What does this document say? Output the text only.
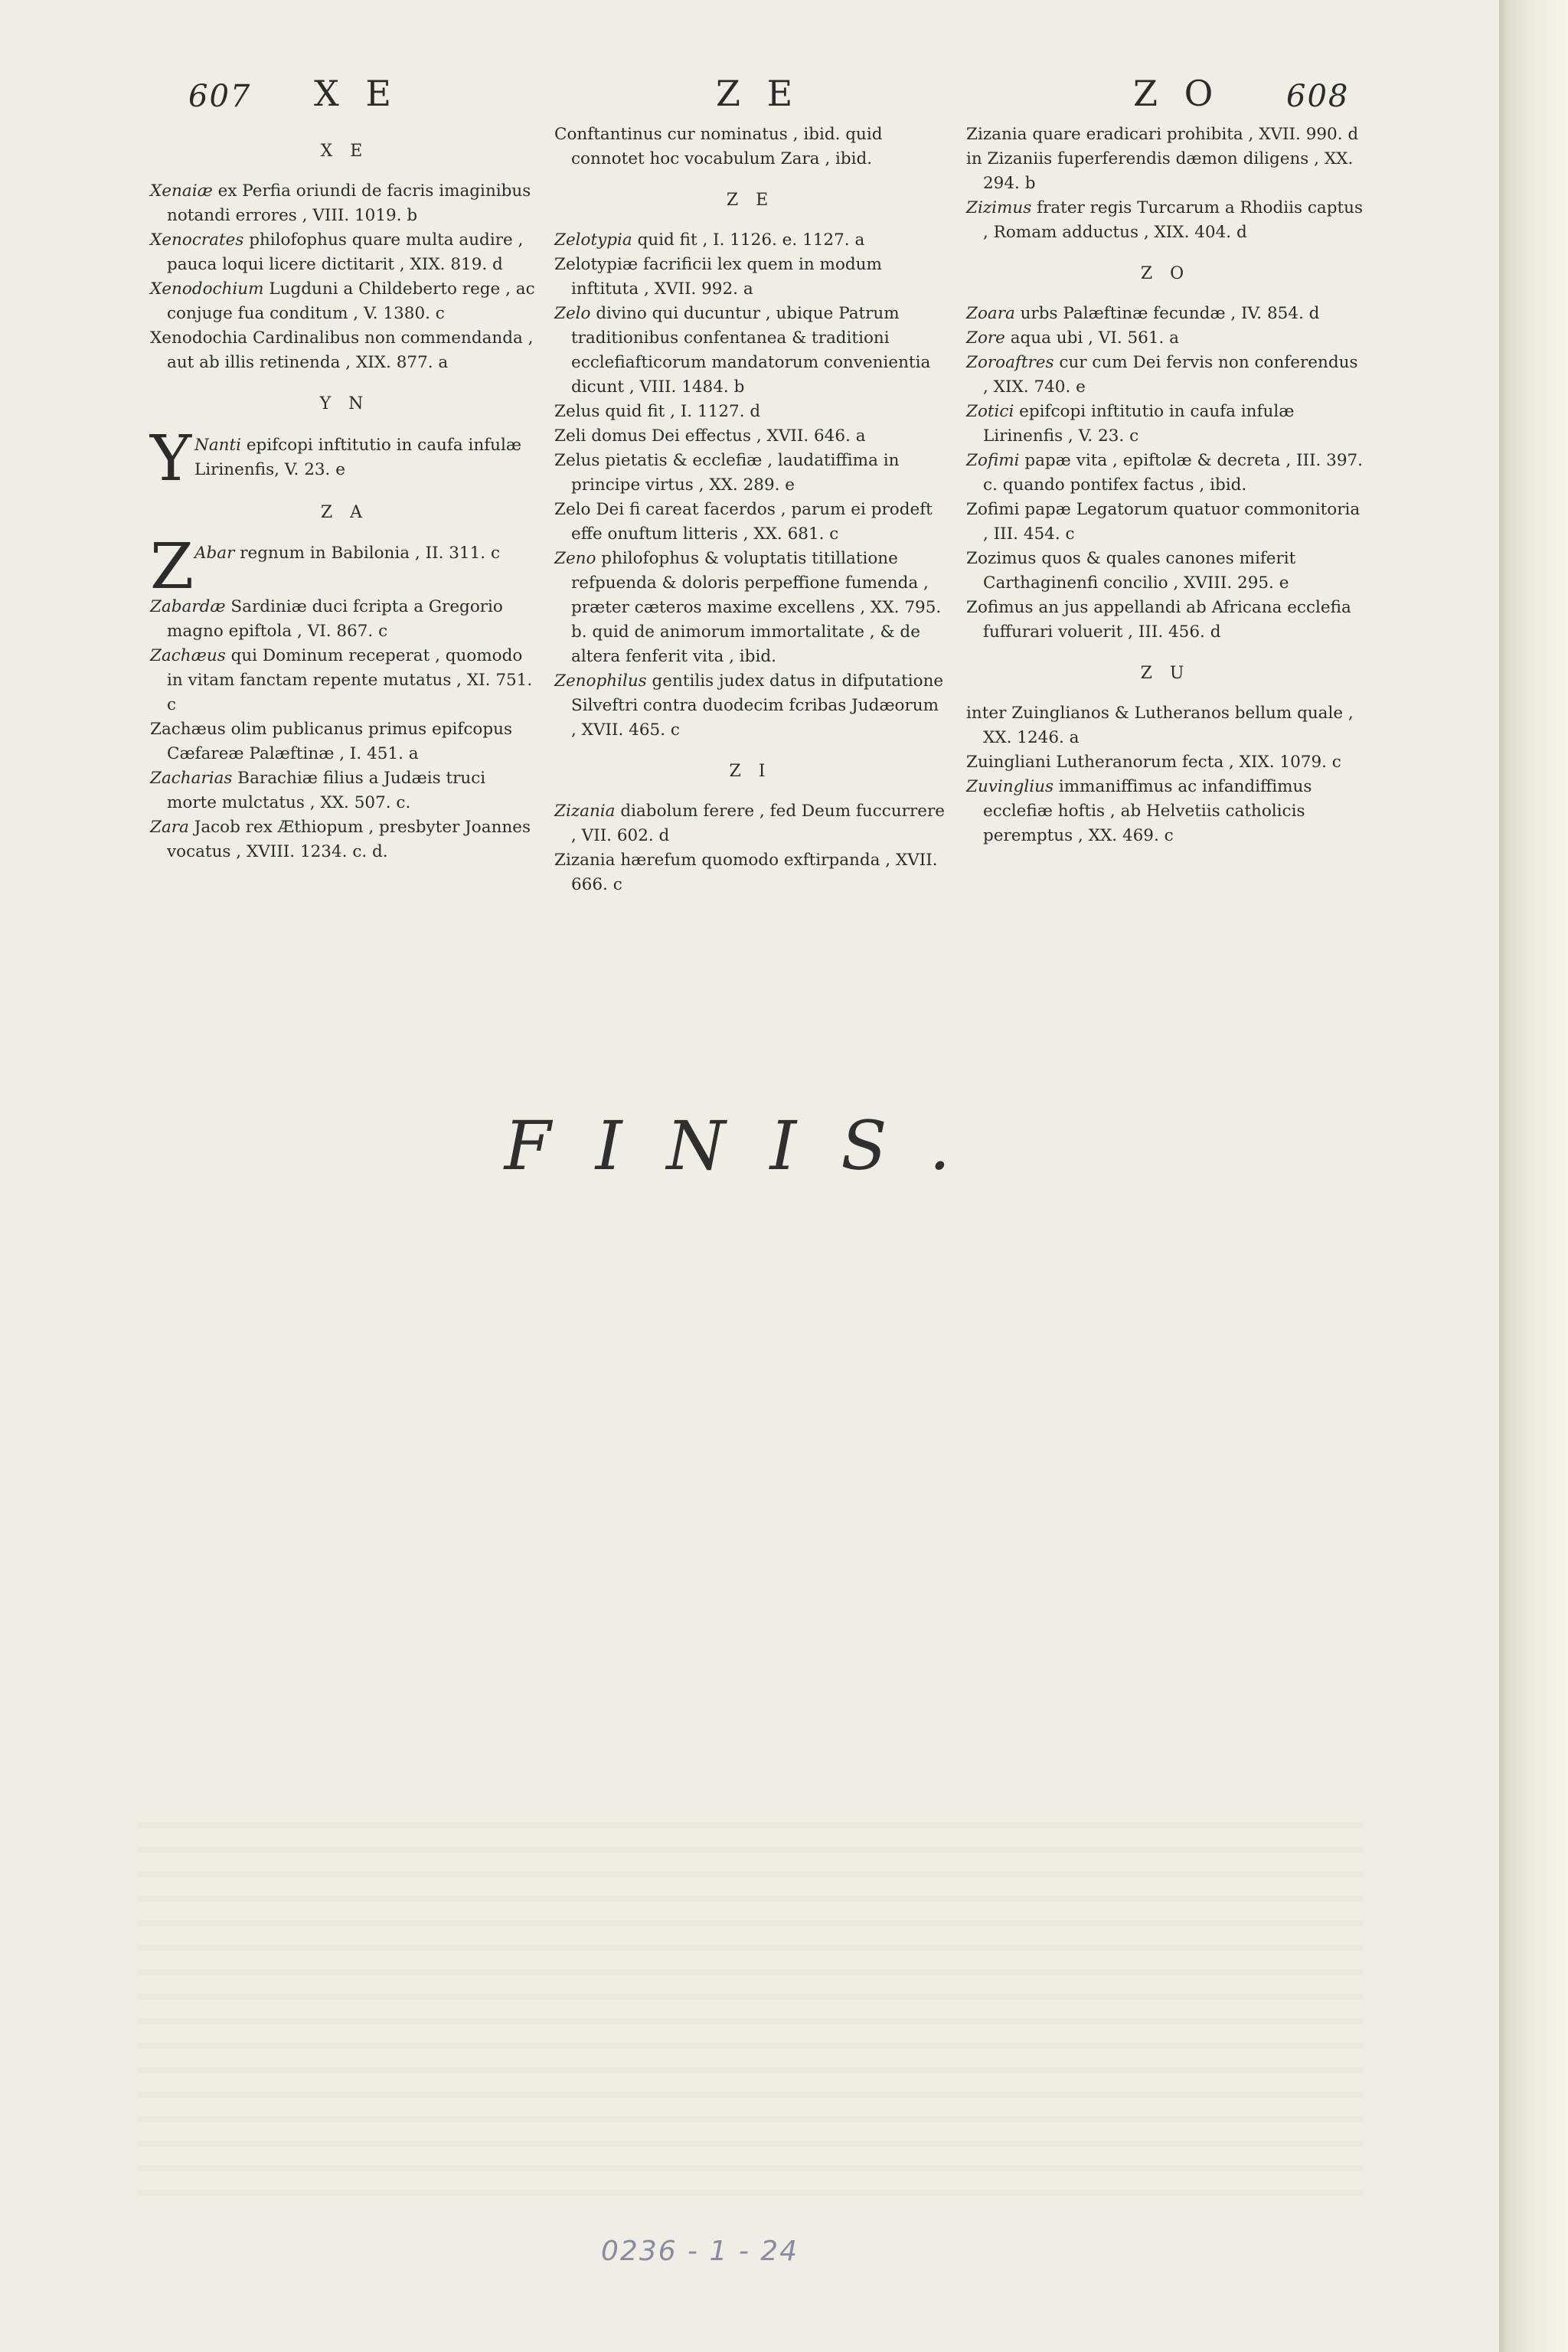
607 X E	Z E	Z O 608
X E

Xenaiæ ex Perfia oriundi de facris imaginibus notandi errores , VIII. 1019. b

Xenocrates philofophus quare multa audire , pauca loqui licere dictitarit , XIX. 819. d

Xenodochium Lugduni a Childeberto rege , ac conjuge fua conditum , V. 1380. c

Xenodochia Cardinalibus non commendanda , aut ab illis retinenda , XIX. 877. a

Y N

Y Nanti epifcopi inftitutio in caufa infulæ Lirinenfis, V. 23. e

Z A

Z Abar regnum in Babilonia , II. 311. c

Zabardæ Sardiniæ duci fcripta a Gregorio magno epiftola , VI. 867. c

Zachæus qui Dominum receperat , quomodo in vitam fanctam repente mutatus , XI. 751. c

Zachæus olim publicanus primus epifcopus Cæfareæ Palæftinæ , I. 451. a

Zacharias Barachiæ filius a Judæis truci morte mulctatus , XX. 507. c.

Zara Jacob rex Æthiopum , presbyter Joannes vocatus , XVIII. 1234. c. d.

Conftantinus cur nominatus , ibid. quid connotet hoc vocabulum Zara , ibid.

Z E

Zelotypia quid fit , I. 1126. e. 1127. a

Zelotypiæ facrificii lex quem in modum inftituta , XVII. 992. a

Zelo divino qui ducuntur , ubique Patrum traditionibus confentanea & traditioni ecclefiafticorum mandatorum convenientia dicunt , VIII. 1484. b

Zelus quid fit , I. 1127. d

Zeli domus Dei effectus , XVII. 646. a

Zelus pietatis & ecclefiæ , laudatiffima in principe virtus , XX. 289. e

Zelo Dei fi careat facerdos , parum ei prodeft effe onuftum litteris , XX. 681. c

Zeno philofophus & voluptatis titillatione refpuenda & doloris perpeffione fumenda , præter cæteros maxime excellens , XX. 795. b. quid de animorum immortalitate , & de altera fenferit vita , ibid.

Zenophilus gentilis judex datus in difputatione Silveftri contra duodecim fcribas Judæorum , XVII. 465. c

Z I

Zizania diabolum ferere , fed Deum fuccurrere , VII. 602. d

Zizania hærefum quomodo exftirpanda , XVII. 666. c

Zizania quare eradicari prohibita , XVII. 990. d

in Zizaniis fuperferendis dæmon diligens , XX. 294. b

Zizimus frater regis Turcarum a Rhodiis captus , Romam adductus , XIX. 404. d

Z O

Zoara urbs Palæftinæ fecundæ , IV. 854. d

Zore aqua ubi , VI. 561. a

Zoroaftres cur cum Dei fervis non conferendus , XIX. 740. e

Zotici epifcopi inftitutio in caufa infulæ Lirinenfis , V. 23. c

Zofimi papæ vita , epiftolæ & decreta , III. 397. c. quando pontifex factus , ibid.

Zofimi papæ Legatorum quatuor commonitoria , III. 454. c

Zozimus quos & quales canones miferit Carthaginenfi concilio , XVIII. 295. e

Zofimus an jus appellandi ab Africana ecclefia fuffurari voluerit , III. 456. d

Z U

inter Zuinglianos & Lutheranos bellum quale , XX. 1246. a

Zuingliani Lutheranorum fecta , XIX. 1079. c

Zuvinglius immaniffimus ac infandiffimus ecclefiæ hoftis , ab Helvetiis catholicis peremptus , XX. 469. c

FINIS.
0236 - 1 - 24
